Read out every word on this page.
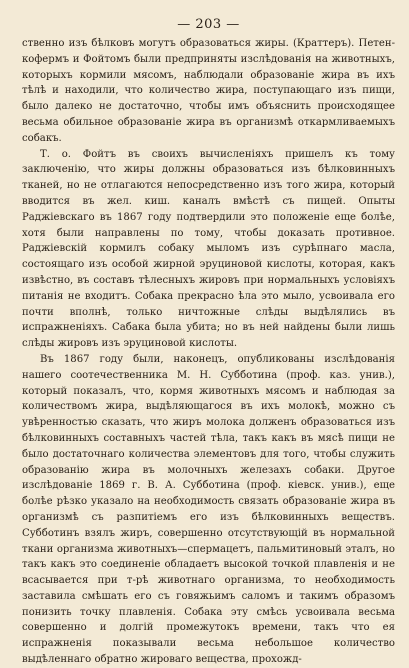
— 203 —

ственно изъ бѣлковъ могутъ образоваться жиры. (Краттеръ). Петен-кофермъ и Фойтомъ были предприняты изслѣдованія на животныхъ, которыхъ кормили мясомъ, наблюдали образованіе жира въ ихъ тѣлѣ и находили, что количество жира, поступающаго изъ пищи, было далеко не достаточно, чтобы имъ объяснить происходящее весьма обильное образованіе жира въ организмѣ откармливаемыхъ собакъ.

Т. о. Фойтъ въ своихъ вычисленіяхъ пришелъ къ тому заключенію, что жиры должны образоваться изъ бѣлковинныхъ тканей, но не отлагаются непосредственно изъ того жира, который вводится въ жел. киш. каналъ вмѣстѣ съ пищей. Опыты Раджіевскаго въ 1867 году подтвердили это положеніе еще болѣе, хотя были направлены по тому, чтобы доказать противное. Раджіевскій кормилъ собаку мыломъ изъ сурѣпнаго масла, состоящаго изъ особой жирной эруциновой кислоты, которая, какъ извѣстно, въ составъ тѣлесныхъ жировъ при нормальныхъ условіяхъ питанія не входитъ. Собака прекрасно ѣла это мыло, усвоивала его почти вполнѣ, только ничтожные слѣды выдѣлялись въ испражненіяхъ. Сабака была убита; но въ ней найдены были лишь слѣды жировъ изъ эруциновой кислоты.

Въ 1867 году были, наконецъ, опубликованы изслѣдованія нашего соотечественника М. Н. Субботина (проф. каз. унив.), который показалъ, что, кормя животныхъ мясомъ и наблюдая за количествомъ жира, выдѣляющагося въ ихъ молокѣ, можно съ увѣренностью сказать, что жиръ молока долженъ образоваться изъ бѣлковинныхъ составныхъ частей тѣла, такъ какъ въ мясѣ пищи не было достаточнаго количества элементовъ для того, чтобы служить образованію жира въ молочныхъ железахъ собаки. Другое изслѣдованіе 1869 г. В. А. Субботина (проф. кіевск. унив.), еще болѣе рѣзко указало на необходимость связать образованіе жира въ организмѣ съ разпитіемъ его изъ бѣлковинныхъ веществъ. Субботинъ взялъ жиръ, совершенно отсутствующій въ нормальной ткани организма животныхъ—спермацетъ, пальмитиновый эталъ, но такъ какъ это соединеніе обладаетъ высокой точкой плавленія и не всасывается при т-рѣ животнаго организма, то необходимость заставила смѣшать его съ говяжьимъ саломъ и такимъ образомъ понизить точку плавленія. Собака эту смѣсь усвоивала весьма совершенно и долгій промежутокъ времени, такъ что ея испражненія показывали весьма небольшое количество выдѣленнаго обратно жироваго вещества, прохожд-
